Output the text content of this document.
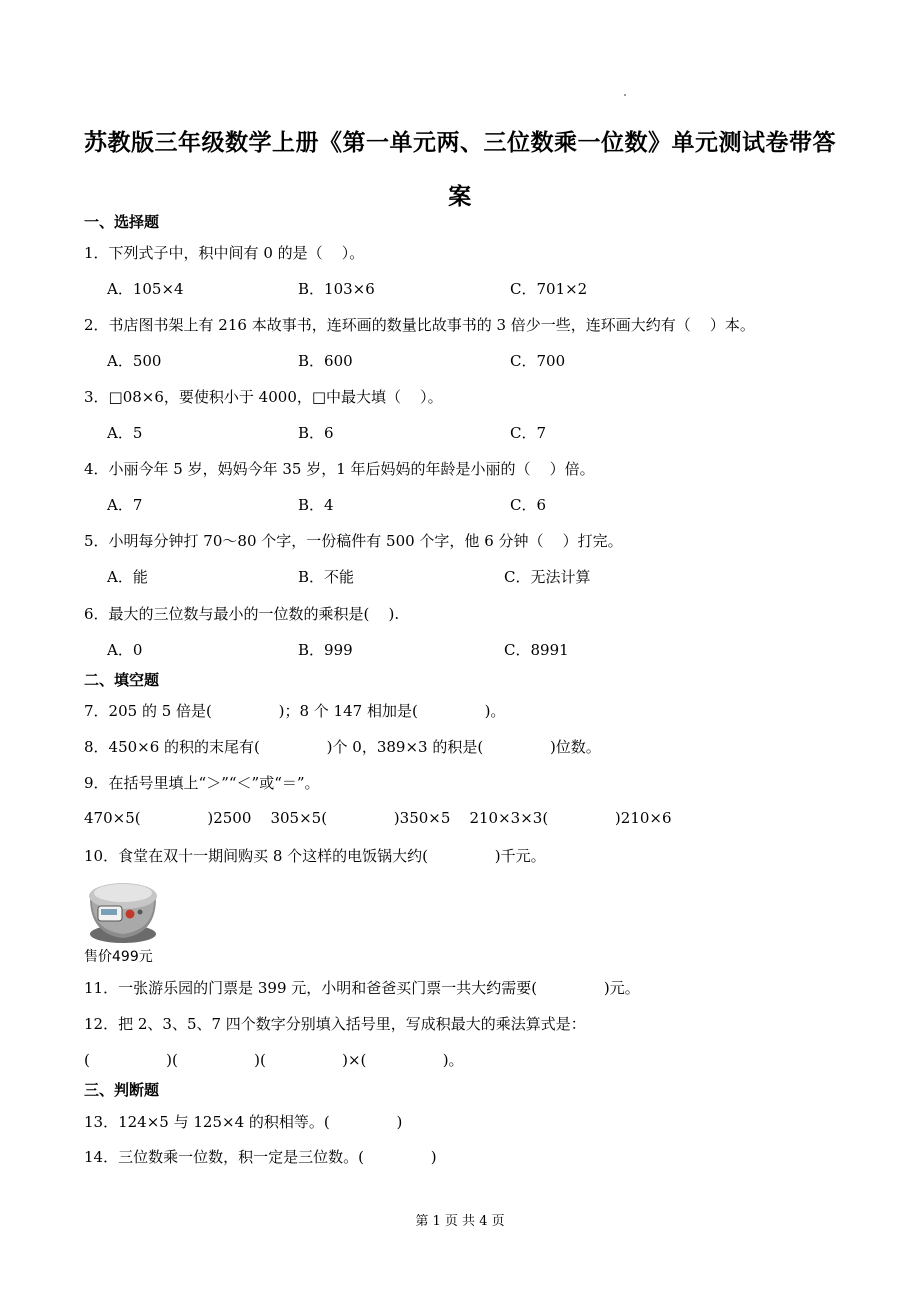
苏教版三年级数学上册《第一单元两、三位数乘一位数》单元测试卷带答
案
一、选择题
1．下列式子中，积中间有 0 的是（    ）。
A．105×4	B．103×6	C．701×2
2．书店图书架上有 216 本故事书，连环画的数量比故事书的 3 倍少一些，连环画大约有（    ）本。
A．500	B．600	C．700
3．□08×6，要使积小于 4000，□中最大填（    ）。
A．5	B．6	C．7
4．小丽今年 5 岁，妈妈今年 35 岁，1 年后妈妈的年龄是小丽的（    ）倍。
A．7	B．4	C．6
5．小明每分钟打 70～80 个字，一份稿件有 500 个字，他 6 分钟（    ）打完。
A．能	B．不能	C．无法计算
6．最大的三位数与最小的一位数的乘积是(    ).
A．0	B．999	C．8991
二、填空题
7．205 的 5 倍是(              )；8 个 147 相加是(              )。
8．450×6 的积的末尾有(              )个 0，389×3 的积是(              )位数。
9．在括号里填上“＞”“＜”或“＝”。
470×5(              )2500    305×5(              )350×5    210×3×3(              )210×6
10．食堂在双十一期间购买 8 个这样的电饭锅大约(              )千元。
售价499元
11．一张游乐园的门票是 399 元，小明和爸爸买门票一共大约需要(              )元。
12．把 2、3、5、7 四个数字分别填入括号里，写成积最大的乘法算式是：
(                )(                )(                )×(                )。
三、判断题
13．124×5 与 125×4 的积相等。(              )
14．三位数乘一位数，积一定是三位数。(              )
第 1 页 共 4 页
